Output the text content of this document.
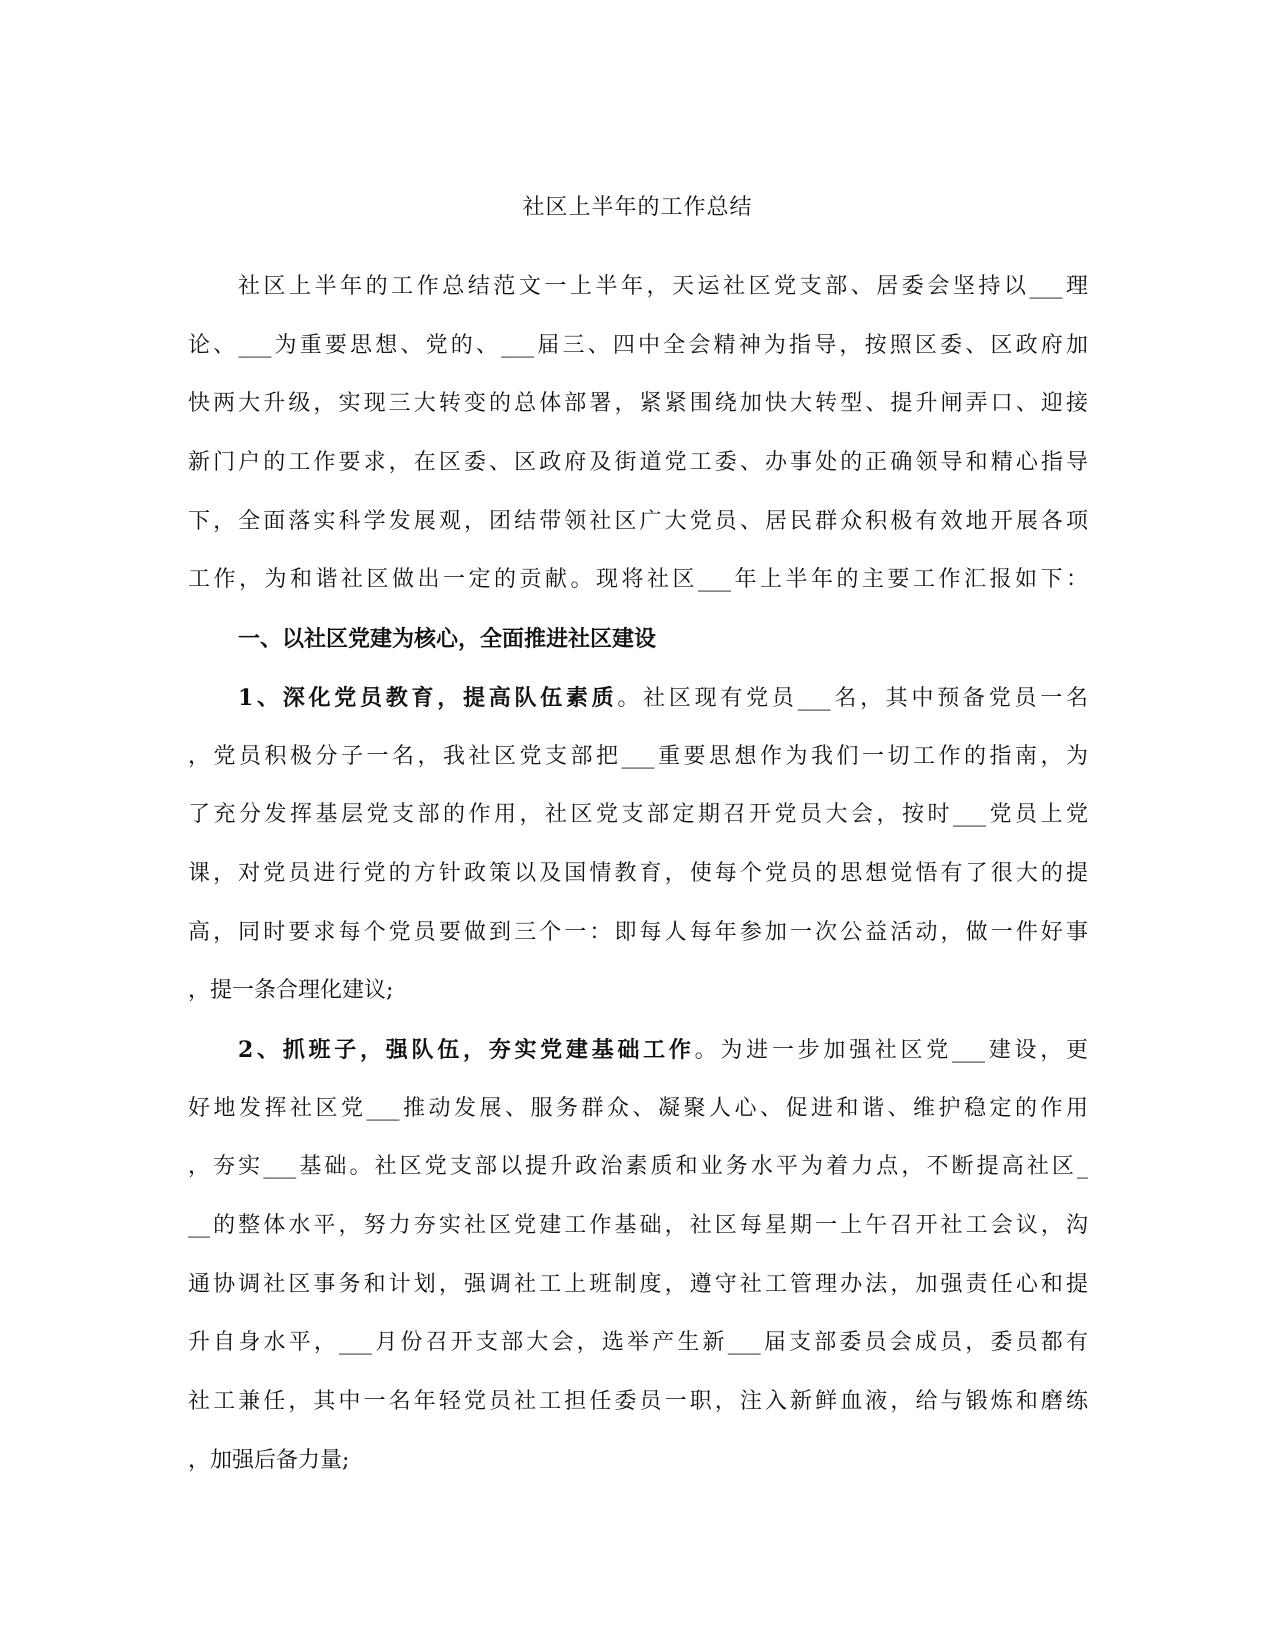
社区上半年的工作总结
社区上半年的工作总结范文一上半年，天运社区党支部、居委会坚持以___理
论、___为重要思想、党的、___届三、四中全会精神为指导，按照区委、区政府加
快两大升级，实现三大转变的总体部署，紧紧围绕加快大转型、提升闸弄口、迎接
新门户的工作要求，在区委、区政府及街道党工委、办事处的正确领导和精心指导
下，全面落实科学发展观，团结带领社区广大党员、居民群众积极有效地开展各项
工作，为和谐社区做出一定的贡献。现将社区___年上半年的主要工作汇报如下：
一、以社区党建为核心，全面推进社区建设
1、深化党员教育，提高队伍素质。社区现有党员___名，其中预备党员一名
，党员积极分子一名，我社区党支部把___重要思想作为我们一切工作的指南，为
了充分发挥基层党支部的作用，社区党支部定期召开党员大会，按时___党员上党
课，对党员进行党的方针政策以及国情教育，使每个党员的思想觉悟有了很大的提
高，同时要求每个党员要做到三个一：即每人每年参加一次公益活动，做一件好事
，提一条合理化建议;
2、抓班子，强队伍，夯实党建基础工作。为进一步加强社区党___建设，更
好地发挥社区党___推动发展、服务群众、凝聚人心、促进和谐、维护稳定的作用
，夯实___基础。社区党支部以提升政治素质和业务水平为着力点，不断提高社区_
__的整体水平，努力夯实社区党建工作基础，社区每星期一上午召开社工会议，沟
通协调社区事务和计划，强调社工上班制度，遵守社工管理办法，加强责任心和提
升自身水平，___月份召开支部大会，选举产生新___届支部委员会成员，委员都有
社工兼任，其中一名年轻党员社工担任委员一职，注入新鲜血液，给与锻炼和磨练
，加强后备力量;
